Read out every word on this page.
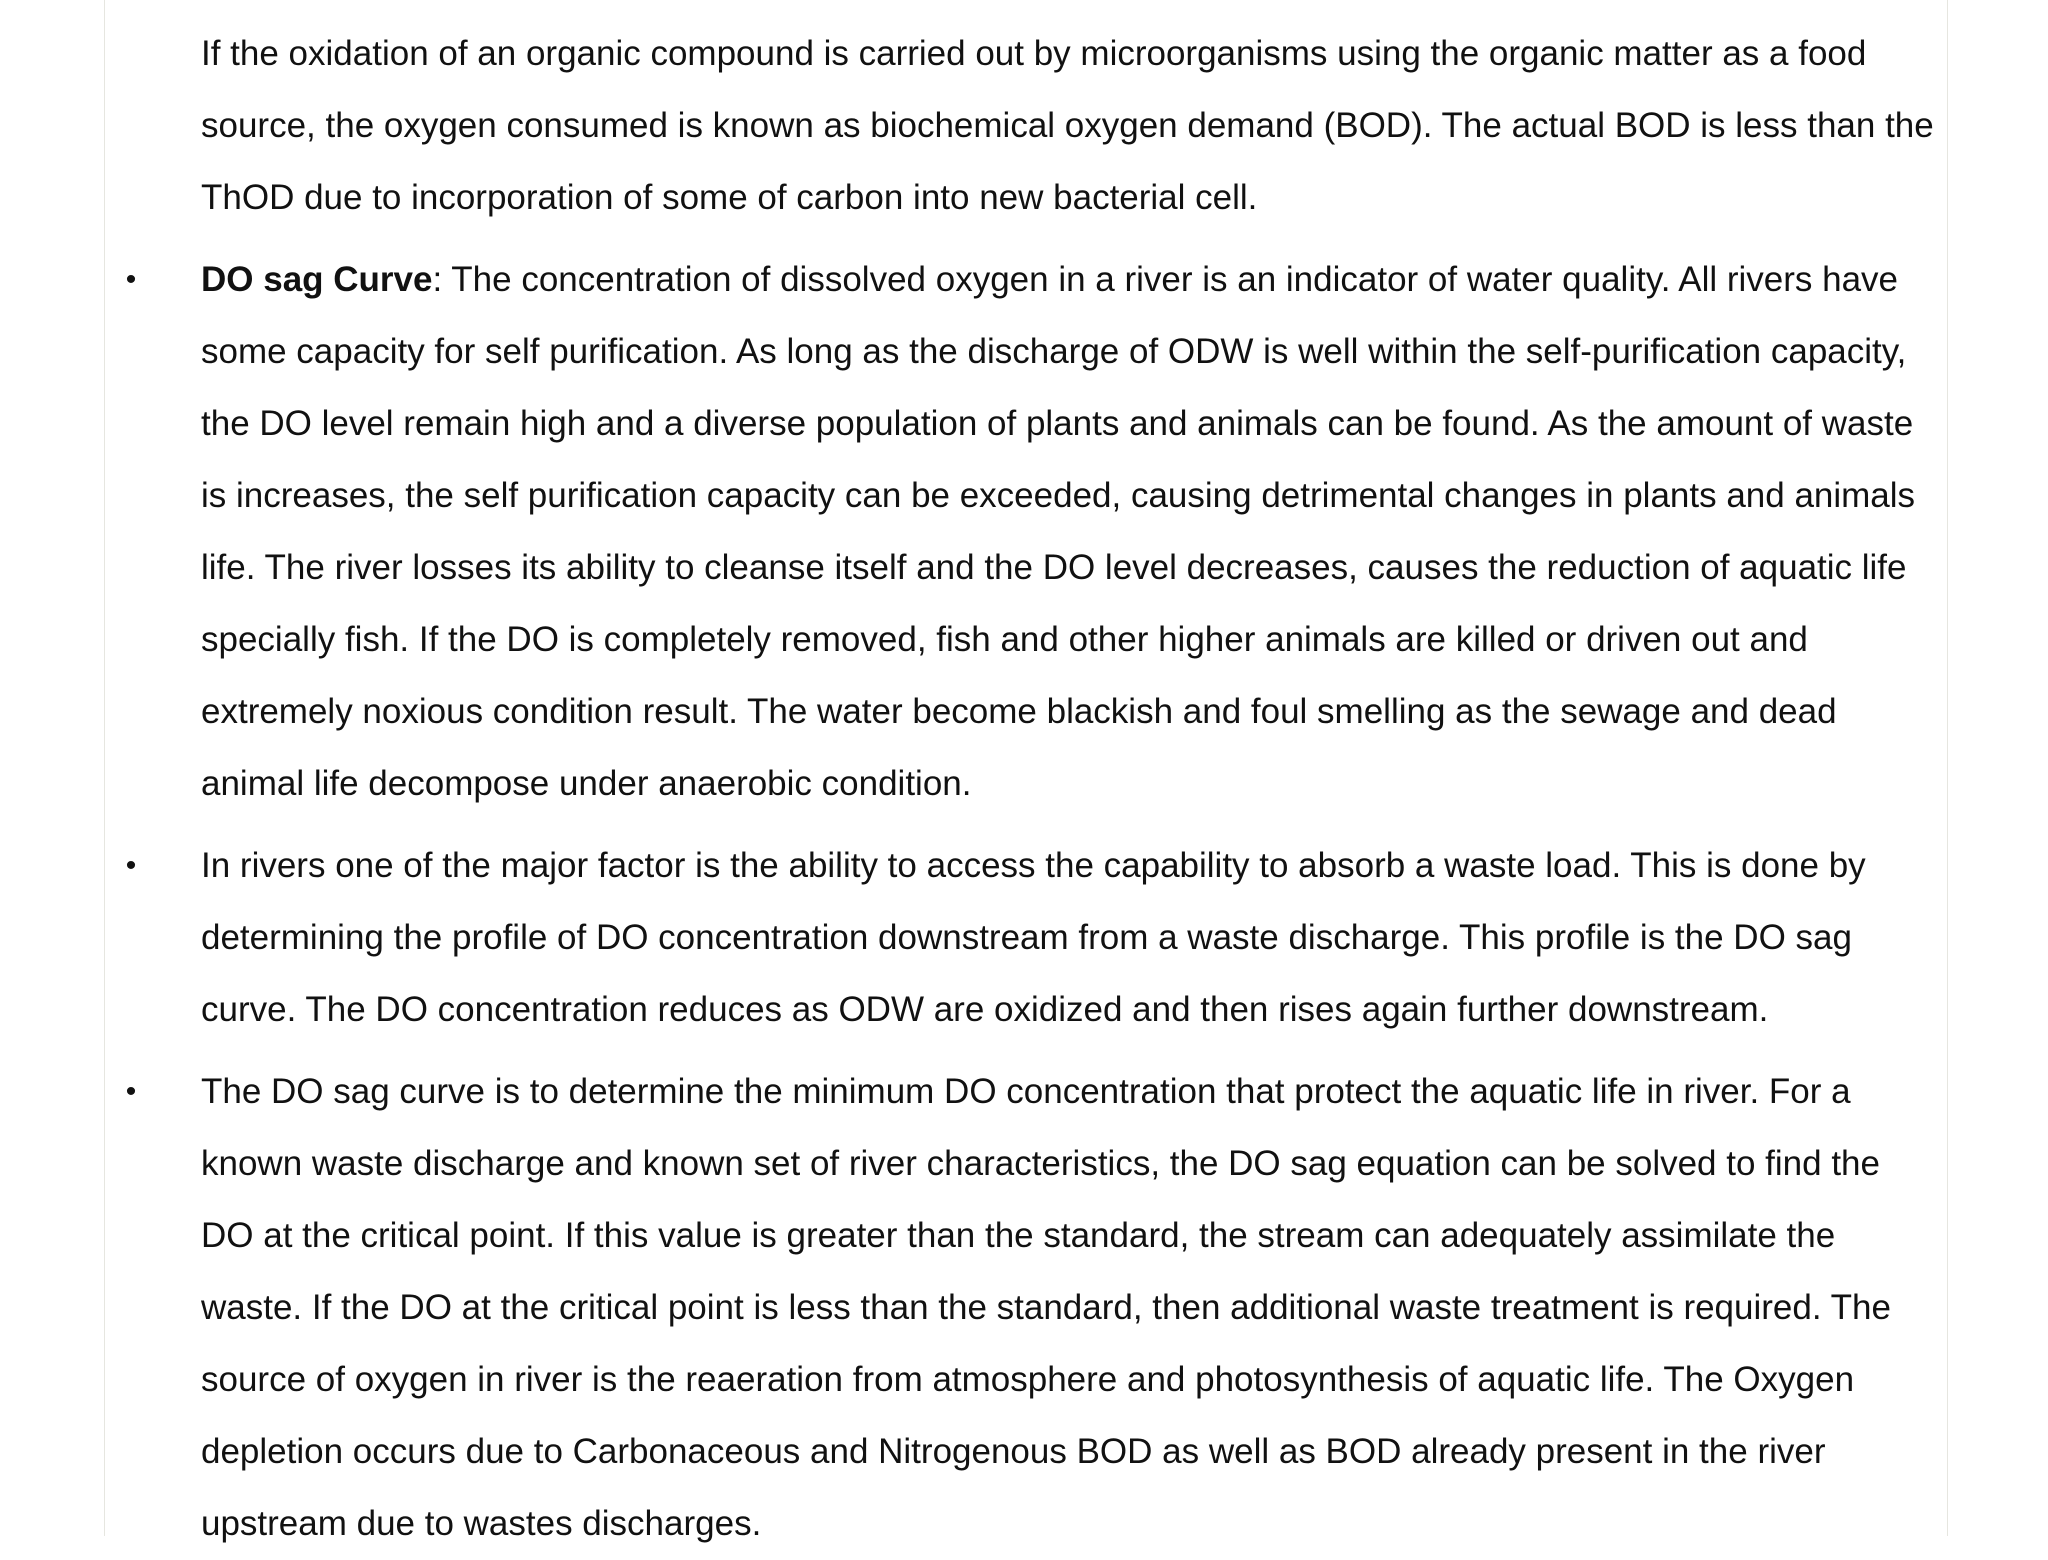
If the oxidation of an organic compound is carried out by microorganisms using the organic matter as a food source, the oxygen consumed is known as biochemical oxygen demand (BOD). The actual BOD is less than the ThOD due to incorporation of some of carbon into new bacterial cell.

• DO sag Curve: The concentration of dissolved oxygen in a river is an indicator of water quality. All rivers have some capacity for self purification. As long as the discharge of ODW is well within the self-purification capacity, the DO level remain high and a diverse population of plants and animals can be found. As the amount of waste is increases, the self purification capacity can be exceeded, causing detrimental changes in plants and animals life. The river losses its ability to cleanse itself and the DO level decreases, causes the reduction of aquatic life specially fish. If the DO is completely removed, fish and other higher animals are killed or driven out and extremely noxious condition result. The water become blackish and foul smelling as the sewage and dead animal life decompose under anaerobic condition.

• In rivers one of the major factor is the ability to access the capability to absorb a waste load. This is done by determining the profile of DO concentration downstream from a waste discharge. This profile is the DO sag curve. The DO concentration reduces as ODW are oxidized and then rises again further downstream.

• The DO sag curve is to determine the minimum DO concentration that protect the aquatic life in river. For a known waste discharge and known set of river characteristics, the DO sag equation can be solved to find the DO at the critical point. If this value is greater than the standard, the stream can adequately assimilate the waste. If the DO at the critical point is less than the standard, then additional waste treatment is required. The source of oxygen in river is the reaeration from atmosphere and photosynthesis of aquatic life. The Oxygen depletion occurs due to Carbonaceous and Nitrogenous BOD as well as BOD already present in the river upstream due to wastes discharges.
